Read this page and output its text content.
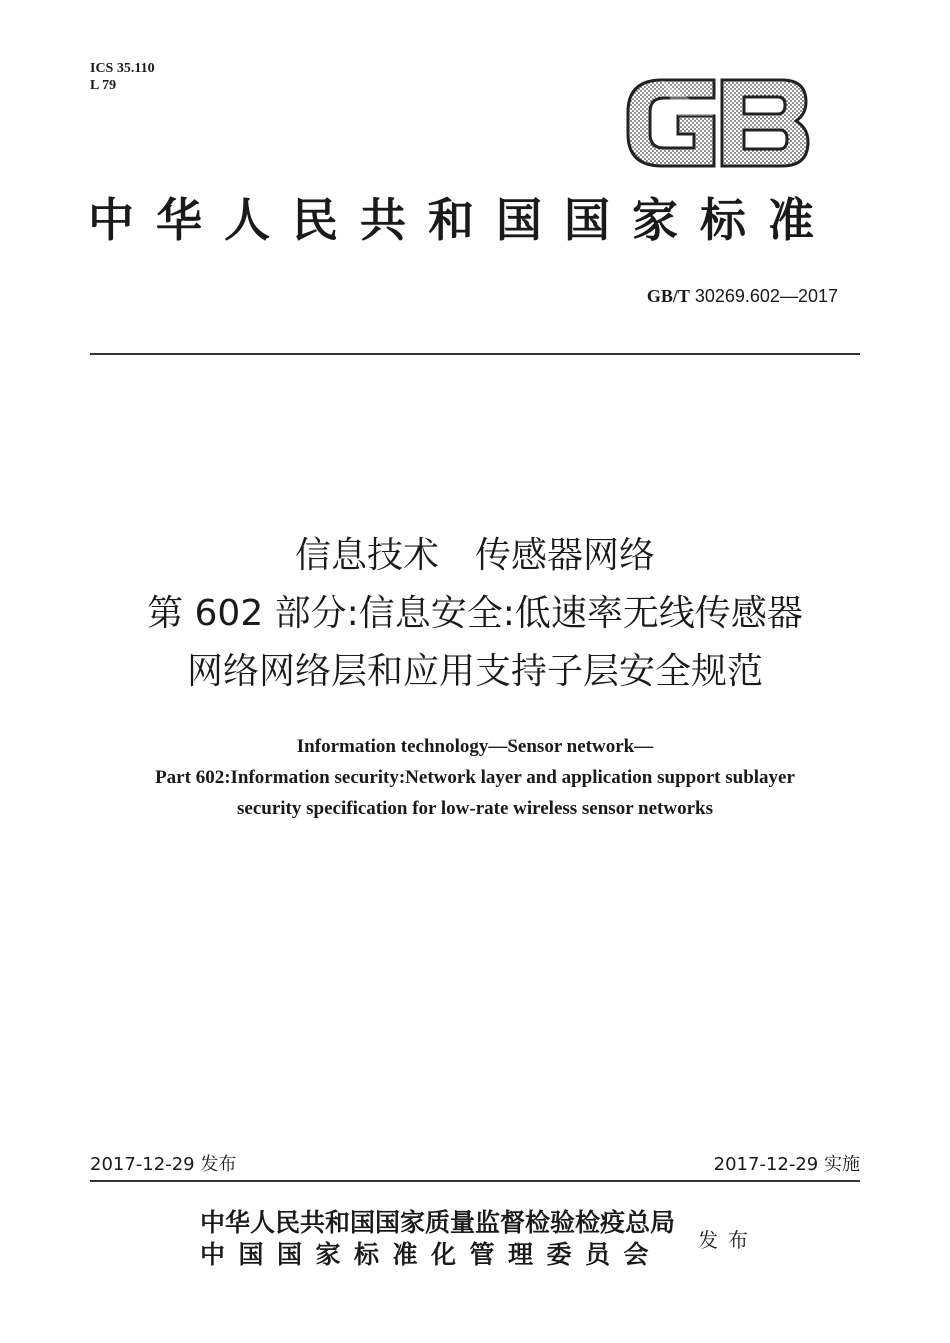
ICS 35.110
L 79
中华人民共和国国家标准
GB/T 30269.602—2017
信息技术　传感器网络
第 602 部分:信息安全:低速率无线传感器
网络网络层和应用支持子层安全规范
Information technology—Sensor network—
Part 602:Information security:Network layer and application support sublayer
security specification for low-rate wireless sensor networks
2017-12-29 发布	2017-12-29 实施
中华人民共和国国家质量监督检验检疫总局
中国国家标准化管理委员会 发布
